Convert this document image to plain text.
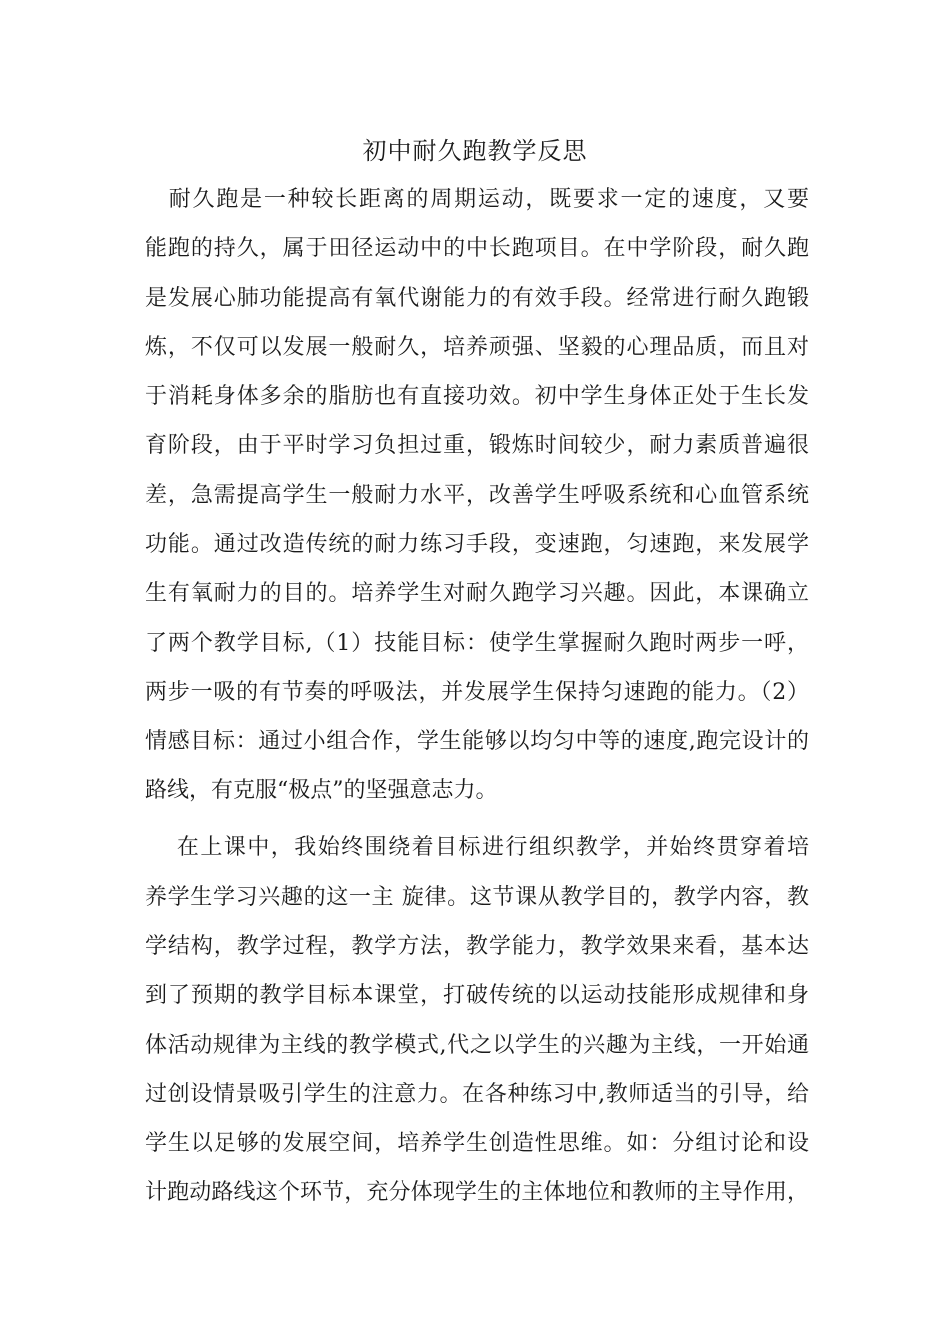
初中耐久跑教学反思
　耐久跑是一种较长距离的周期运动，既要求一定的速度，又要
能跑的持久，属于田径运动中的中长跑项目。在中学阶段，耐久跑
是发展心肺功能提高有氧代谢能力的有效手段。经常进行耐久跑锻
炼，不仅可以发展一般耐久，培养顽强、坚毅的心理品质，而且对
于消耗身体多余的脂肪也有直接功效。初中学生身体正处于生长发
育阶段，由于平时学习负担过重，锻炼时间较少，耐力素质普遍很
差，急需提高学生一般耐力水平，改善学生呼吸系统和心血管系统
功能。通过改造传统的耐力练习手段，变速跑，匀速跑，来发展学
生有氧耐力的目的。培养学生对耐久跑学习兴趣。因此，本课确立
了两个教学目标,（1）技能目标：使学生掌握耐久跑时两步一呼，
两步一吸的有节奏的呼吸法，并发展学生保持匀速跑的能力。（2）
情感目标：通过小组合作，学生能够以均匀中等的速度,跑完设计的
路线，有克服“极点”的坚强意志力。
　 在上课中，我始终围绕着目标进行组织教学，并始终贯穿着培
养学生学习兴趣的这一主 旋律。这节课从教学目的，教学内容，教
学结构，教学过程，教学方法，教学能力，教学效果来看，基本达
到了预期的教学目标本课堂，打破传统的以运动技能形成规律和身
体活动规律为主线的教学模式,代之以学生的兴趣为主线，一开始通
过创设情景吸引学生的注意力。在各种练习中,教师适当的引导，给
学生以足够的发展空间，培养学生创造性思维。如：分组讨论和设
计跑动路线这个环节，充分体现学生的主体地位和教师的主导作用，
